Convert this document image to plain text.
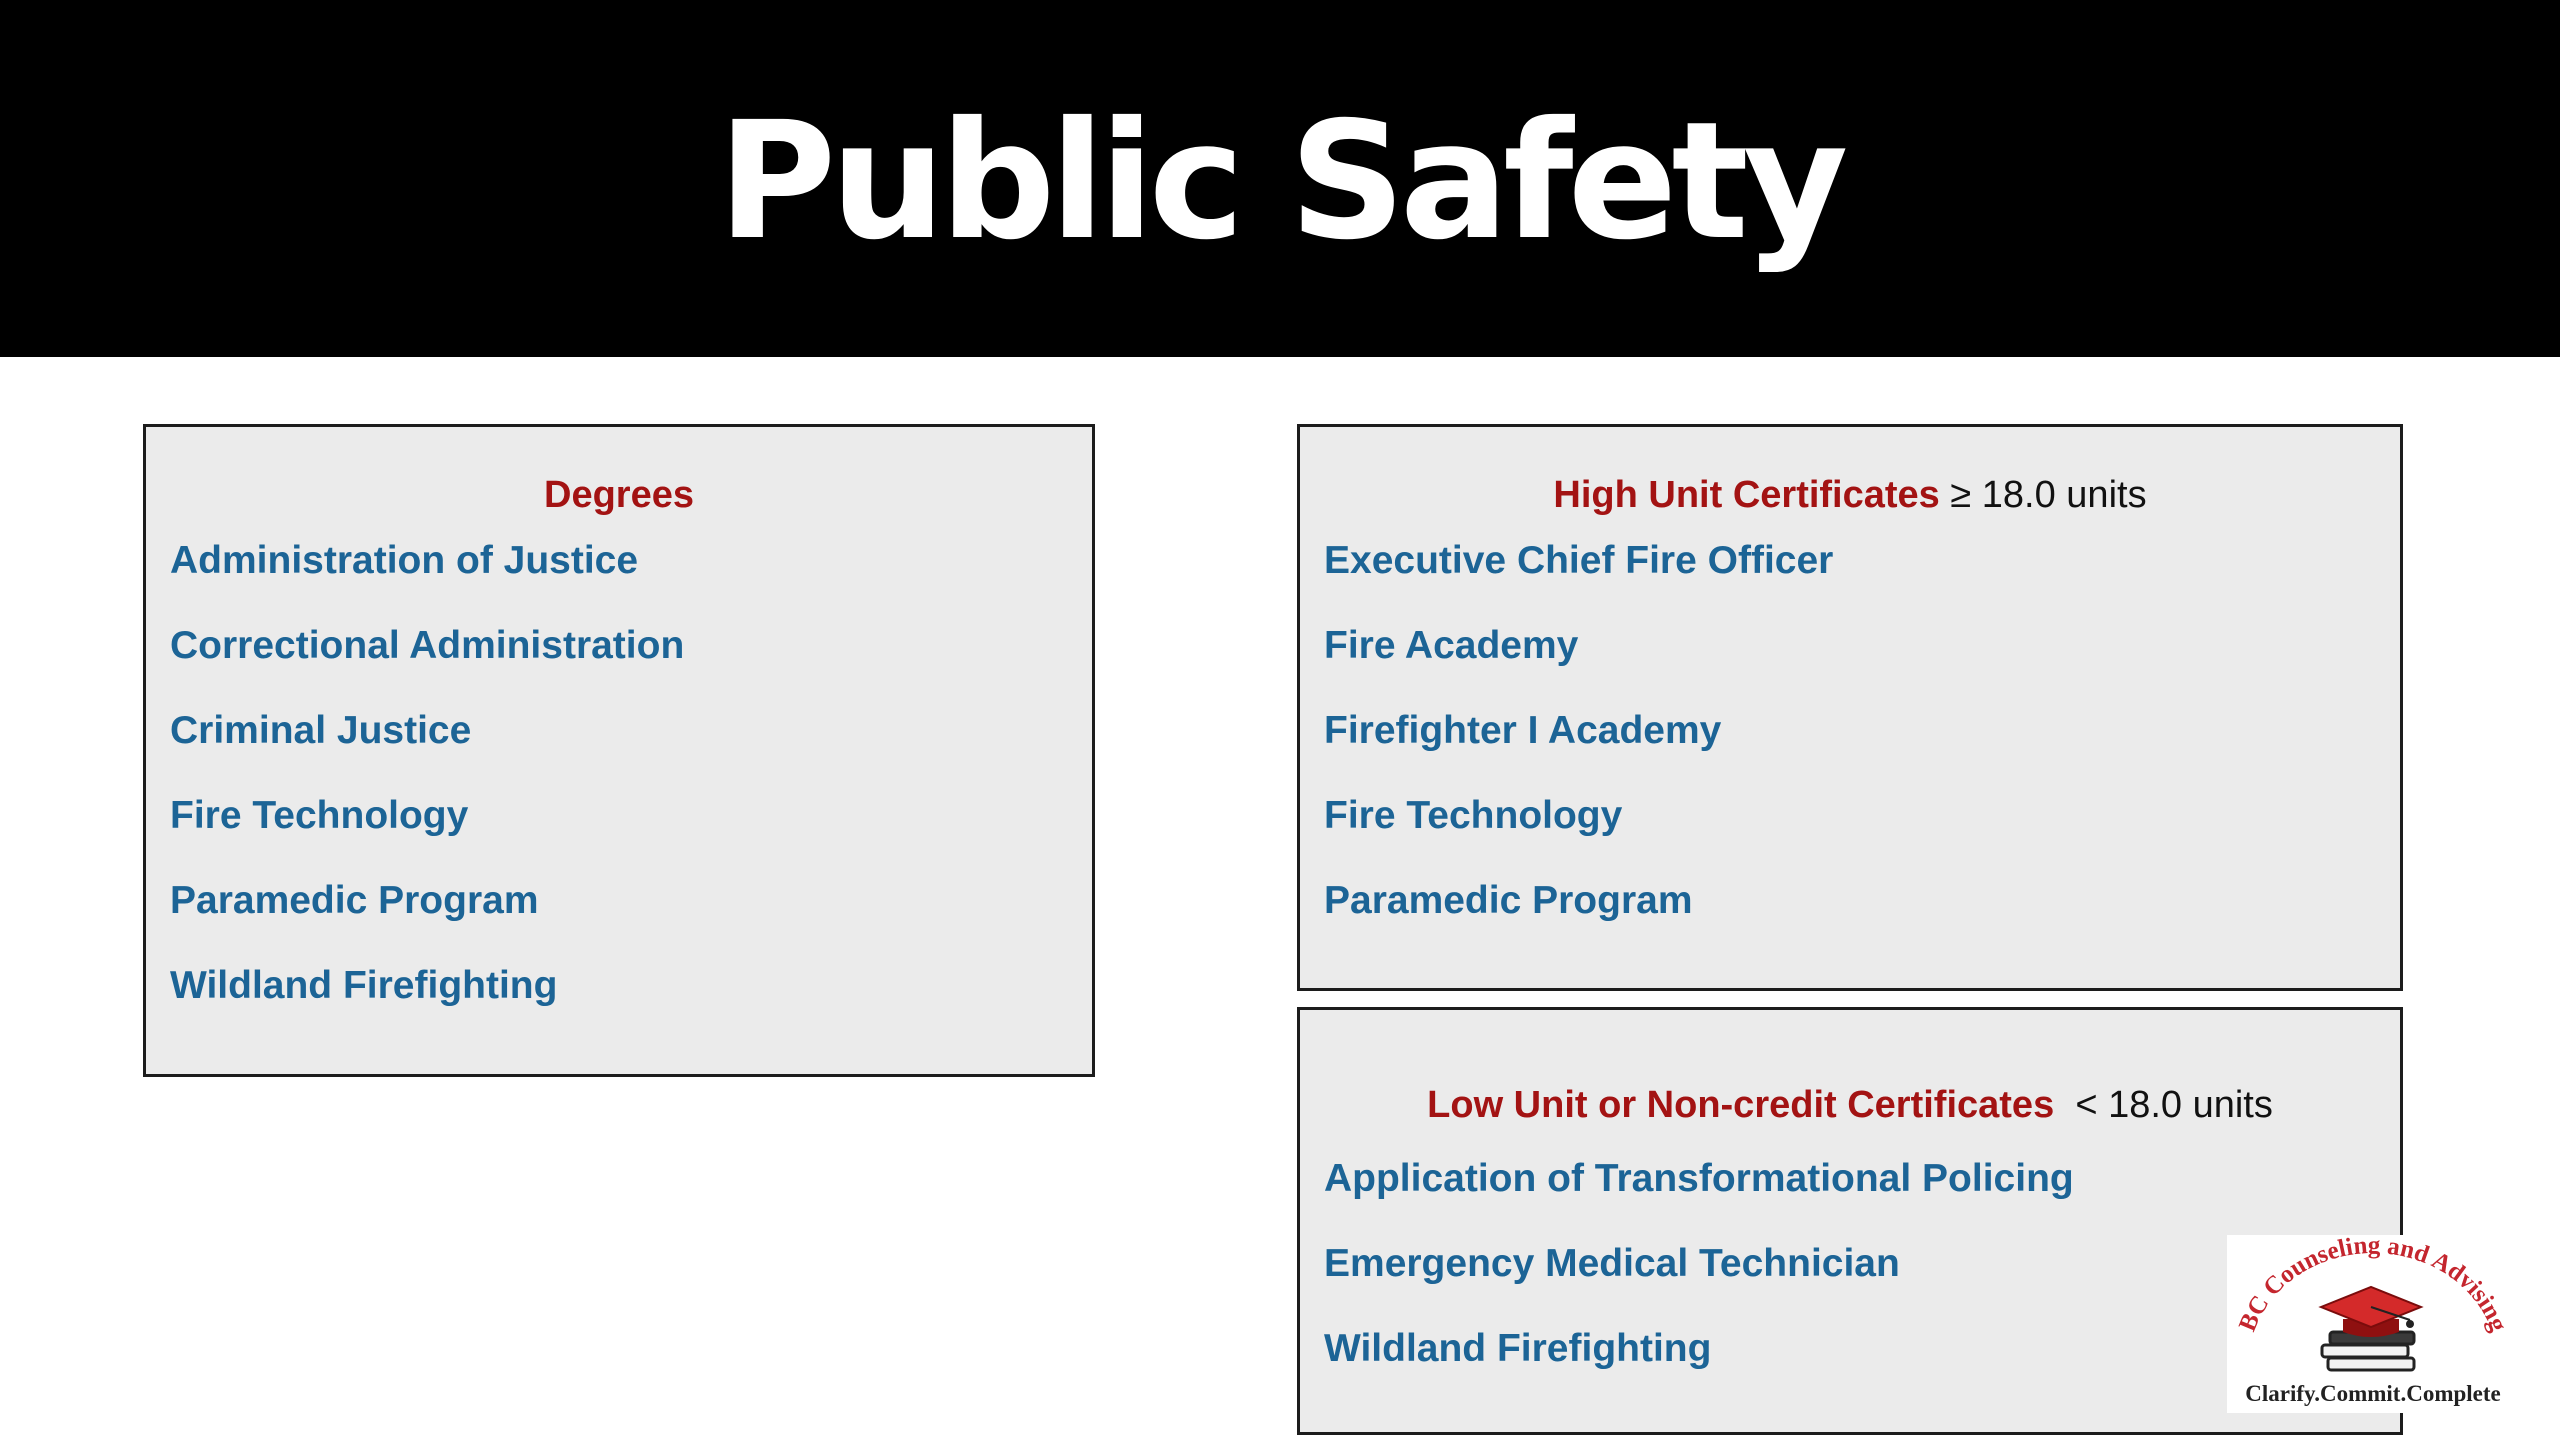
Public Safety
Degrees
Administration of Justice
Correctional Administration
Criminal Justice
Fire Technology
Paramedic Program
Wildland Firefighting
High Unit Certificates ≥ 18.0 units
Executive Chief Fire Officer
Fire Academy
Firefighter I Academy
Fire Technology
Paramedic Program
Low Unit or Non-credit Certificates  < 18.0 units
Application of Transformational Policing
Emergency Medical Technician
Wildland Firefighting
BC Counseling and Advising
Clarify.Commit.Complete
